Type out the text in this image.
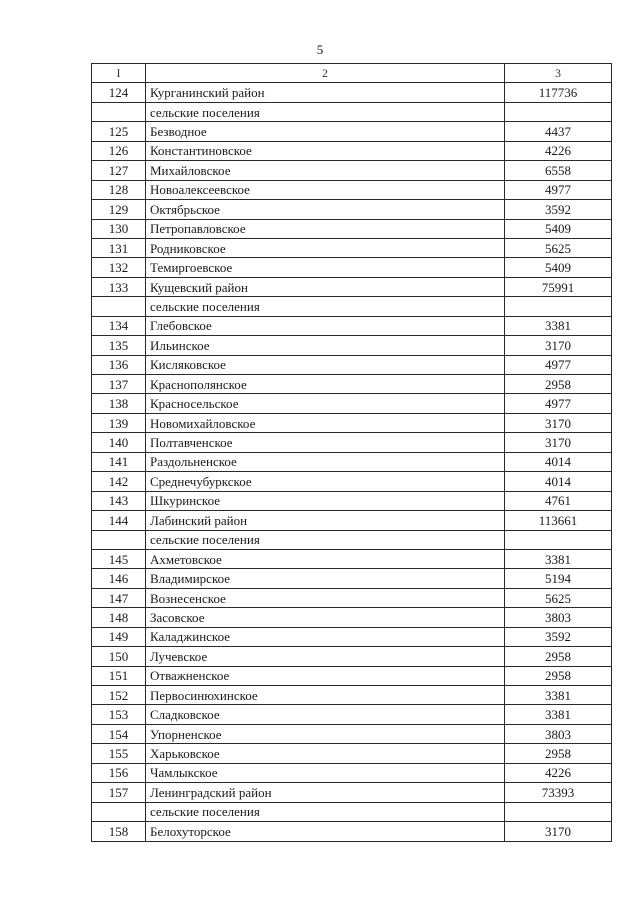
5
I	2	3
124	Курганинский район	117736
	сельские поселения	
125	Безводное	4437
126	Константиновское	4226
127	Михайловское	6558
128	Новоалексеевское	4977
129	Октябрьское	3592
130	Петропавловское	5409
131	Родниковское	5625
132	Темиргоевское	5409
133	Кущевский район	75991
	сельские поселения	
134	Глебовское	3381
135	Ильинское	3170
136	Кисляковское	4977
137	Краснополянское	2958
138	Красносельское	4977
139	Новомихайловское	3170
140	Полтавченское	3170
141	Раздольненское	4014
142	Среднечубуркское	4014
143	Шкуринское	4761
144	Лабинский район	113661
	сельские поселения	
145	Ахметовское	3381
146	Владимирское	5194
147	Вознесенское	5625
148	Засовское	3803
149	Каладжинское	3592
150	Лучевское	2958
151	Отважненское	2958
152	Первосинюхинское	3381
153	Сладковское	3381
154	Упорненское	3803
155	Харьковское	2958
156	Чамлыкское	4226
157	Ленинградский район	73393
	сельские поселения	
158	Белохуторское	3170
